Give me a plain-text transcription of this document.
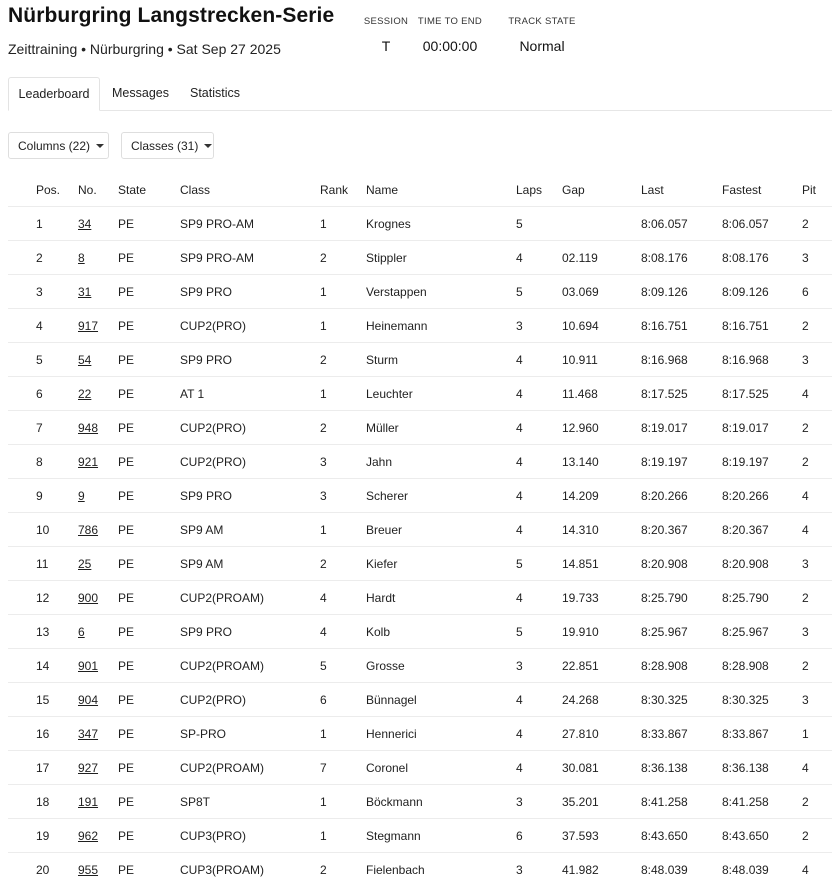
Nürburgring Langstrecken-Serie
Zeittraining • Nürburgring • Sat Sep 27 2025
SESSION
T
TIME TO END
00:00:00
TRACK STATE
Normal
Leaderboard	Messages	Statistics
Columns (22)	Classes (31)
Pos.	No.	State	Class	Rank	Name	Laps	Gap	Last	Fastest	Pit
1	34	PE	SP9 PRO-AM	1	Krognes	5		8:06.057	8:06.057	2
2	8	PE	SP9 PRO-AM	2	Stippler	4	02.119	8:08.176	8:08.176	3
3	31	PE	SP9 PRO	1	Verstappen	5	03.069	8:09.126	8:09.126	6
4	917	PE	CUP2(PRO)	1	Heinemann	3	10.694	8:16.751	8:16.751	2
5	54	PE	SP9 PRO	2	Sturm	4	10.911	8:16.968	8:16.968	3
6	22	PE	AT 1	1	Leuchter	4	11.468	8:17.525	8:17.525	4
7	948	PE	CUP2(PRO)	2	Müller	4	12.960	8:19.017	8:19.017	2
8	921	PE	CUP2(PRO)	3	Jahn	4	13.140	8:19.197	8:19.197	2
9	9	PE	SP9 PRO	3	Scherer	4	14.209	8:20.266	8:20.266	4
10	786	PE	SP9 AM	1	Breuer	4	14.310	8:20.367	8:20.367	4
11	25	PE	SP9 AM	2	Kiefer	5	14.851	8:20.908	8:20.908	3
12	900	PE	CUP2(PROAM)	4	Hardt	4	19.733	8:25.790	8:25.790	2
13	6	PE	SP9 PRO	4	Kolb	5	19.910	8:25.967	8:25.967	3
14	901	PE	CUP2(PROAM)	5	Grosse	3	22.851	8:28.908	8:28.908	2
15	904	PE	CUP2(PRO)	6	Bünnagel	4	24.268	8:30.325	8:30.325	3
16	347	PE	SP-PRO	1	Hennerici	4	27.810	8:33.867	8:33.867	1
17	927	PE	CUP2(PROAM)	7	Coronel	4	30.081	8:36.138	8:36.138	4
18	191	PE	SP8T	1	Böckmann	3	35.201	8:41.258	8:41.258	2
19	962	PE	CUP3(PRO)	1	Stegmann	6	37.593	8:43.650	8:43.650	2
20	955	PE	CUP3(PROAM)	2	Fielenbach	3	41.982	8:48.039	8:48.039	4
